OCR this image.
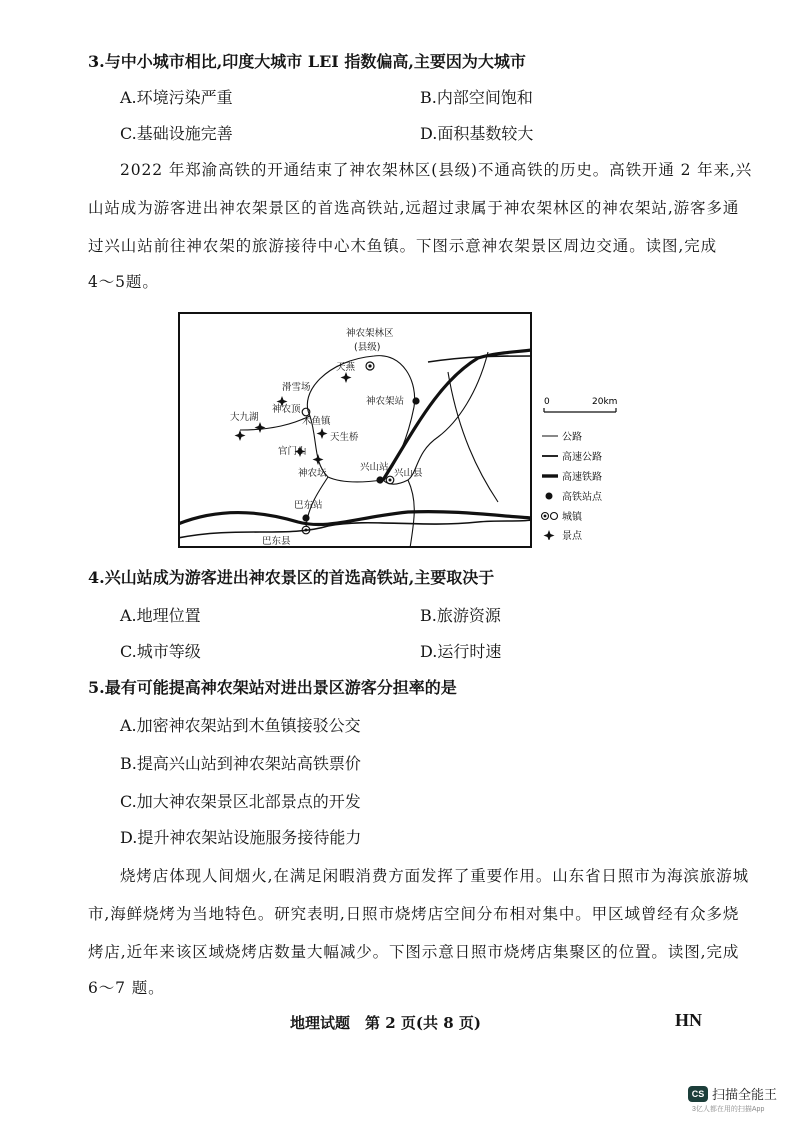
3.与中小城市相比,印度大城市 LEI 指数偏高,主要因为大城市
A.环境污染严重	B.内部空间饱和
C.基础设施完善	D.面积基数较大
2022 年郑渝高铁的开通结束了神农架林区(县级)不通高铁的历史。高铁开通 2 年来,兴
山站成为游客进出神农架景区的首选高铁站,远超过隶属于神农架林区的神农架站,游客多通
过兴山站前往神农架的旅游接待中心木鱼镇。下图示意神农架景区周边交通。读图,完成
4～5题。
神农架林区
(县级)
天燕
滑雪场
神农顶
大九湖	木鱼镇
天生桥
官门山
神农坛
神农架站
兴山站
兴山县
巴东站
巴东县
0	20km
公路
高速公路
高速铁路
高铁站点
城镇
景点
4.兴山站成为游客进出神农景区的首选高铁站,主要取决于
A.地理位置	B.旅游资源
C.城市等级	D.运行时速
5.最有可能提高神农架站对进出景区游客分担率的是
A.加密神农架站到木鱼镇接驳公交
B.提高兴山站到神农架站高铁票价
C.加大神农架景区北部景点的开发
D.提升神农架站设施服务接待能力
烧烤店体现人间烟火,在满足闲暇消费方面发挥了重要作用。山东省日照市为海滨旅游城
市,海鲜烧烤为当地特色。研究表明,日照市烧烤店空间分布相对集中。甲区域曾经有众多烧
烤店,近年来该区域烧烤店数量大幅减少。下图示意日照市烧烤店集聚区的位置。读图,完成
6～7 题。
地理试题　第 2 页(共 8 页)	HN
CS 扫描全能王
3亿人都在用的扫描App
